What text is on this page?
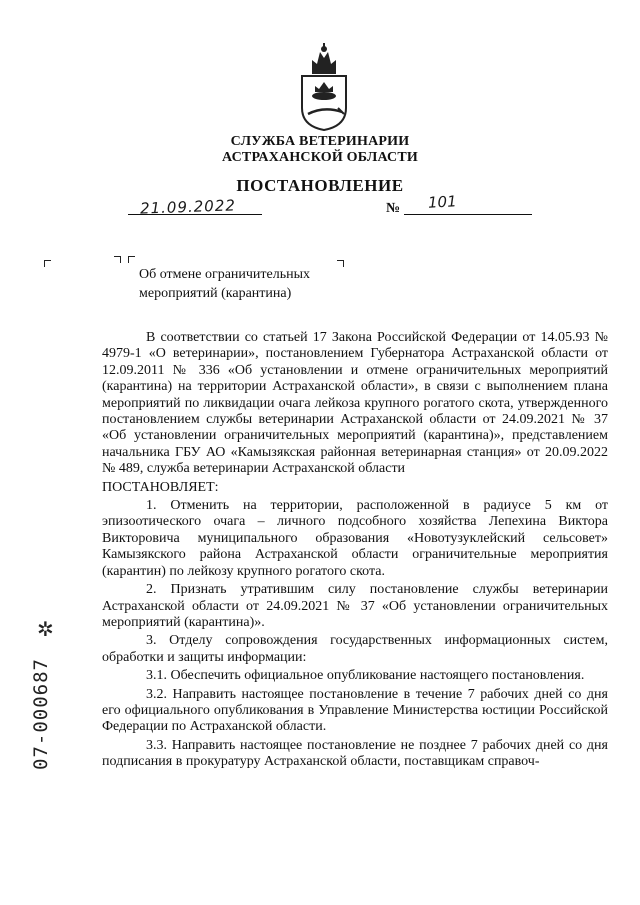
СЛУЖБА ВЕТЕРИНАРИИ
АСТРАХАНСКОЙ ОБЛАСТИ
ПОСТАНОВЛЕНИЕ
21.09.2022	№ 101
Об отмене ограничительных
мероприятий (карантина)

В соответствии со статьей 17 Закона Российской Федерации от 14.05.93 № 4979-1 «О ветеринарии», постановлением Губернатора Астраханской области от 12.09.2011 № 336 «Об установлении и отмене ограничительных мероприятий (карантина) на территории Астраханской области», в связи с выполнением плана мероприятий по ликвидации очага лейкоза крупного рогатого скота, утвержденного постановлением службы ветеринарии Астраханской области от 24.09.2021 № 37 «Об установлении ограничительных мероприятий (карантина)», представлением начальника ГБУ АО «Камызякская районная ветеринарная станция» от 20.09.2022 № 489, служба ветеринарии Астраханской области

ПОСТАНОВЛЯЕТ:

1. Отменить на территории, расположенной в радиусе 5 км от эпизоотического очага – личного подсобного хозяйства Лепехина Виктора Викторовича муниципального образования «Новотузуклейский сельсовет» Камызякского района Астраханской области ограничительные мероприятия (карантин) по лейкозу крупного рогатого скота.

2. Признать утратившим силу постановление службы ветеринарии Астраханской области от 24.09.2021 № 37 «Об установлении ограничительных мероприятий (карантина)».

3. Отделу сопровождения государственных информационных систем, обработки и защиты информации:

3.1. Обеспечить официальное опубликование настоящего постановления.

3.2. Направить настоящее постановление в течение 7 рабочих дней со дня его официального опубликования в Управление Министерства юстиции Российской Федерации по Астраханской области.

3.3. Направить настоящее постановление не позднее 7 рабочих дней со дня подписания в прокуратуру Астраханской области, поставщикам справоч-

✲
07-000687
